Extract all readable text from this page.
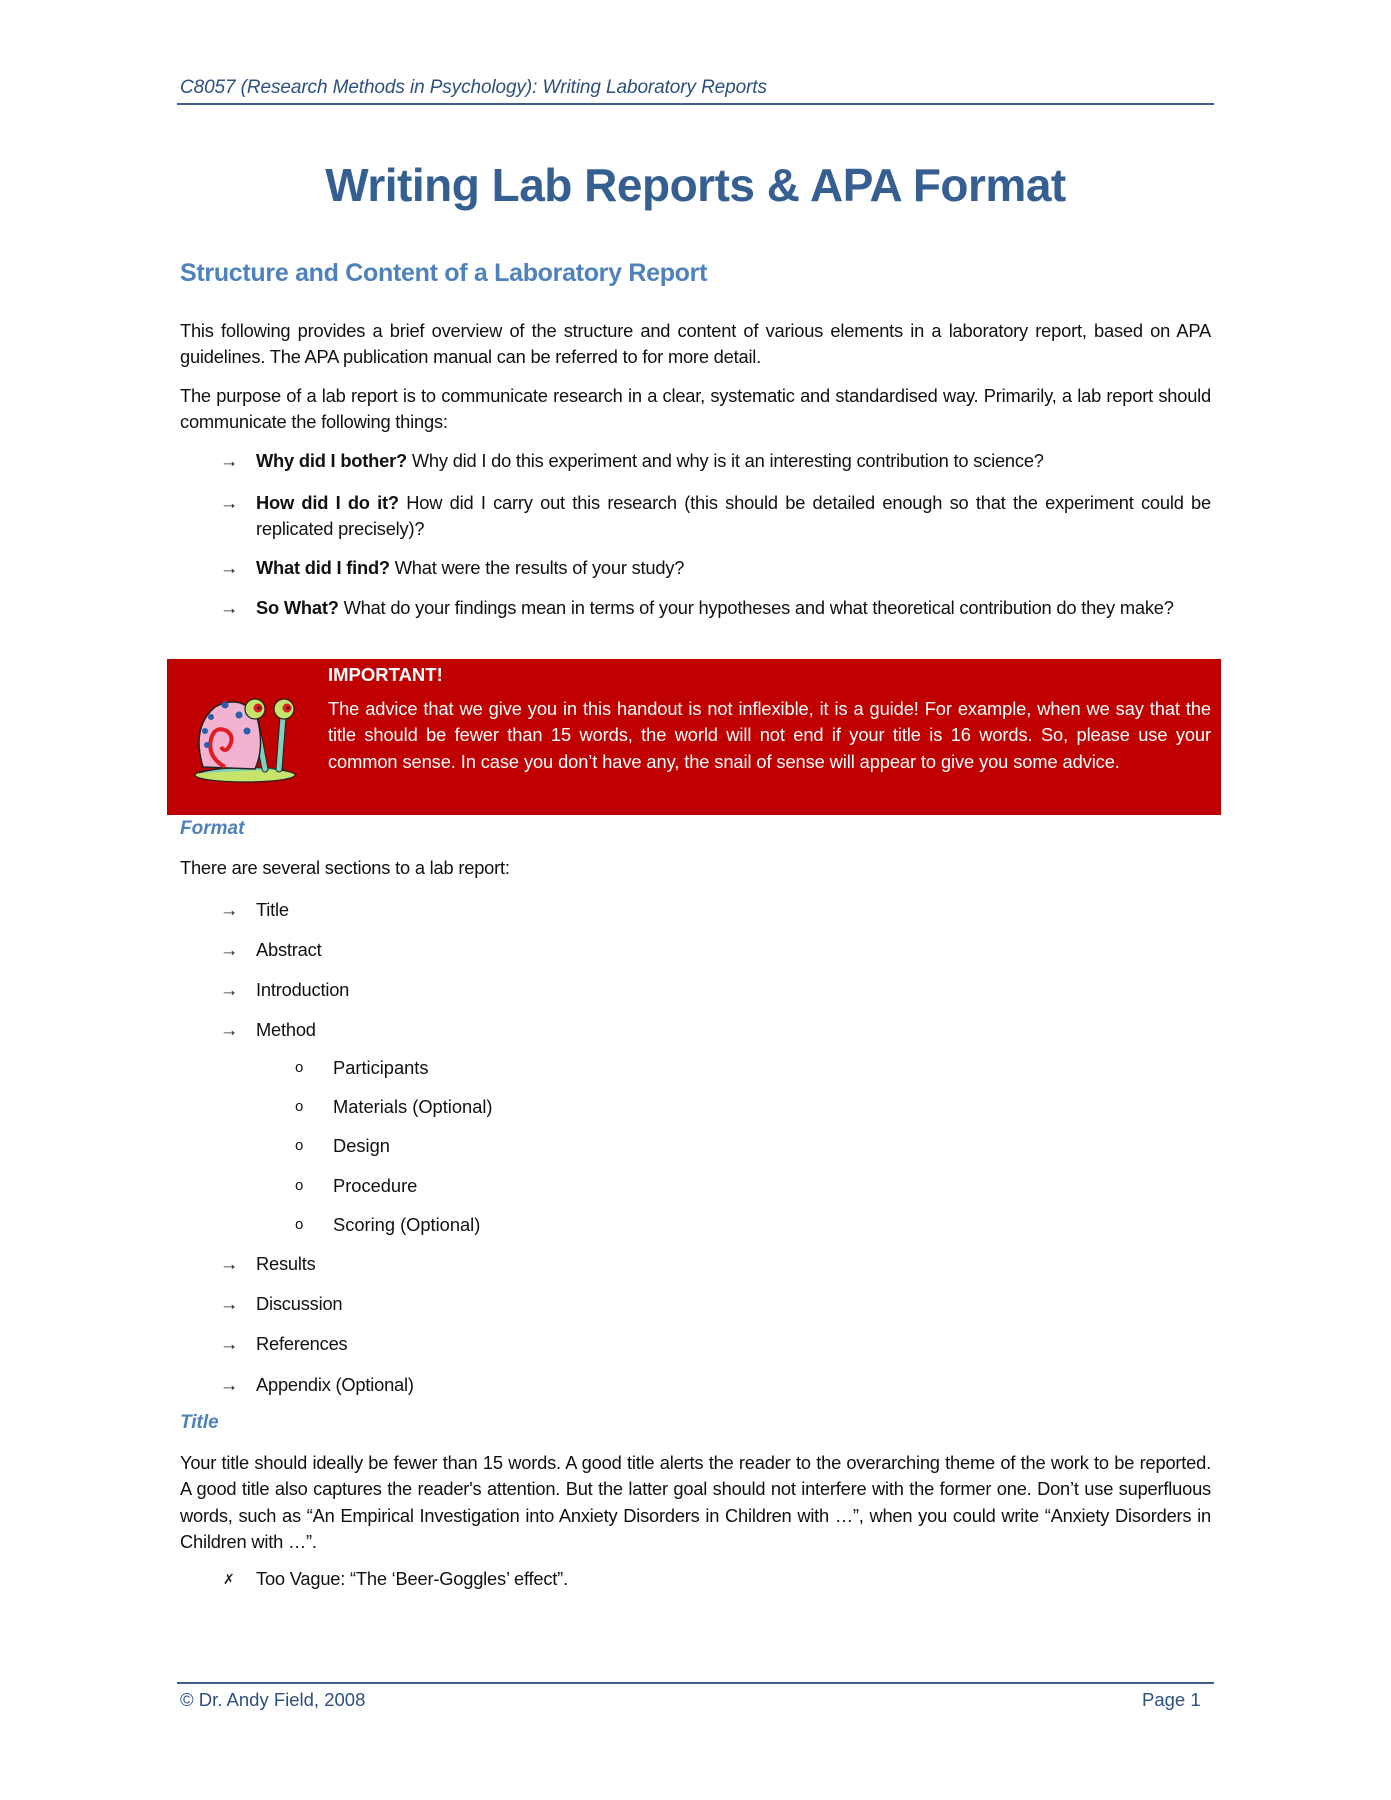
C8057 (Research Methods in Psychology): Writing Laboratory Reports
Writing Lab Reports & APA Format
Structure and Content of a Laboratory Report
This following provides a brief overview of the structure and content of various elements in a laboratory report, based on APA guidelines. The APA publication manual can be referred to for more detail.
The purpose of a lab report is to communicate research in a clear, systematic and standardised way. Primarily, a lab report should communicate the following things:
→ Why did I bother? Why did I do this experiment and why is it an interesting contribution to science?
→ How did I do it? How did I carry out this research (this should be detailed enough so that the experiment could be replicated precisely)?
→ What did I find? What were the results of your study?
→ So What? What do your findings mean in terms of your hypotheses and what theoretical contribution do they make?
IMPORTANT!
The advice that we give you in this handout is not inflexible, it is a guide! For example, when we say that the title should be fewer than 15 words, the world will not end if your title is 16 words. So, please use your common sense. In case you don’t have any, the snail of sense will appear to give you some advice.
Format
There are several sections to a lab report:
→ Title
→ Abstract
→ Introduction
→ Method
o Participants
o Materials (Optional)
o Design
o Procedure
o Scoring (Optional)
→ Results
→ Discussion
→ References
→ Appendix (Optional)
Title
Your title should ideally be fewer than 15 words. A good title alerts the reader to the overarching theme of the work to be reported. A good title also captures the reader's attention. But the latter goal should not interfere with the former one. Don’t use superfluous words, such as “An Empirical Investigation into Anxiety Disorders in Children with …”, when you could write “Anxiety Disorders in Children with …”.
✗	Too Vague: “The ‘Beer-Goggles’ effect”.
© Dr. Andy Field, 2008	Page 1
